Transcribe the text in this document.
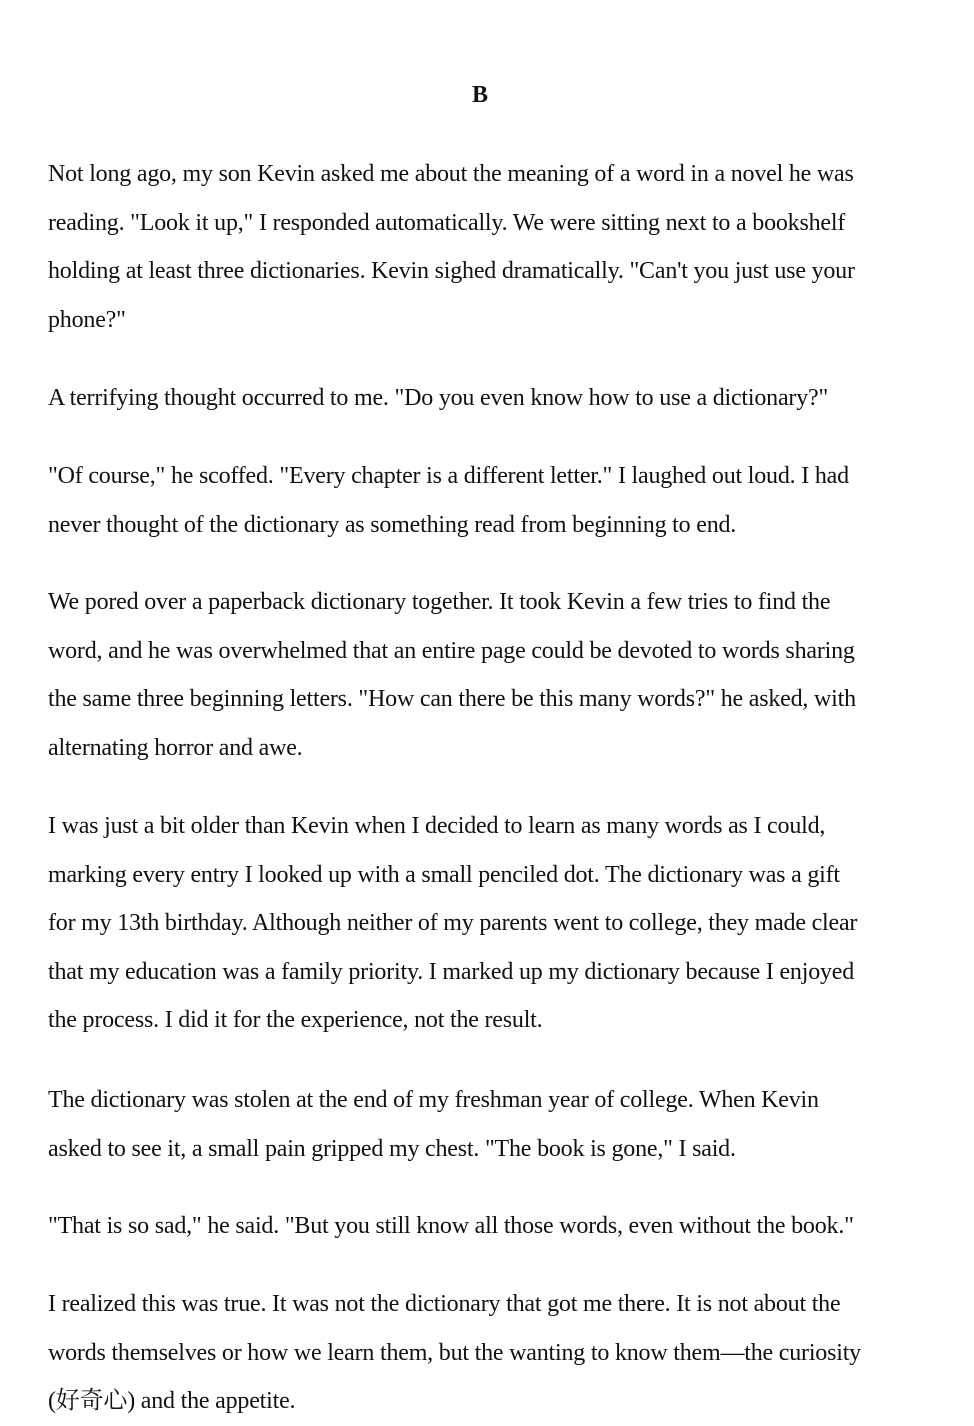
B

Not long ago, my son Kevin asked me about the meaning of a word in a novel he was
reading. "Look it up," I responded automatically. We were sitting next to a bookshelf
holding at least three dictionaries. Kevin sighed dramatically. "Can't you just use your
phone?"

A terrifying thought occurred to me. "Do you even know how to use a dictionary?"

"Of course," he scoffed. "Every chapter is a different letter." I laughed out loud. I had
never thought of the dictionary as something read from beginning to end.

We pored over a paperback dictionary together. It took Kevin a few tries to find the
word, and he was overwhelmed that an entire page could be devoted to words sharing
the same three beginning letters. "How can there be this many words?" he asked, with
alternating horror and awe.

I was just a bit older than Kevin when I decided to learn as many words as I could,
marking every entry I looked up with a small penciled dot. The dictionary was a gift
for my 13th birthday. Although neither of my parents went to college, they made clear
that my education was a family priority. I marked up my dictionary because I enjoyed
the process. I did it for the experience, not the result.

The dictionary was stolen at the end of my freshman year of college. When Kevin
asked to see it, a small pain gripped my chest. "The book is gone," I said.

"That is so sad," he said. "But you still know all those words, even without the book."

I realized this was true. It was not the dictionary that got me there. It is not about the
words themselves or how we learn them, but the wanting to know them—the curiosity
(好奇心) and the appetite.
